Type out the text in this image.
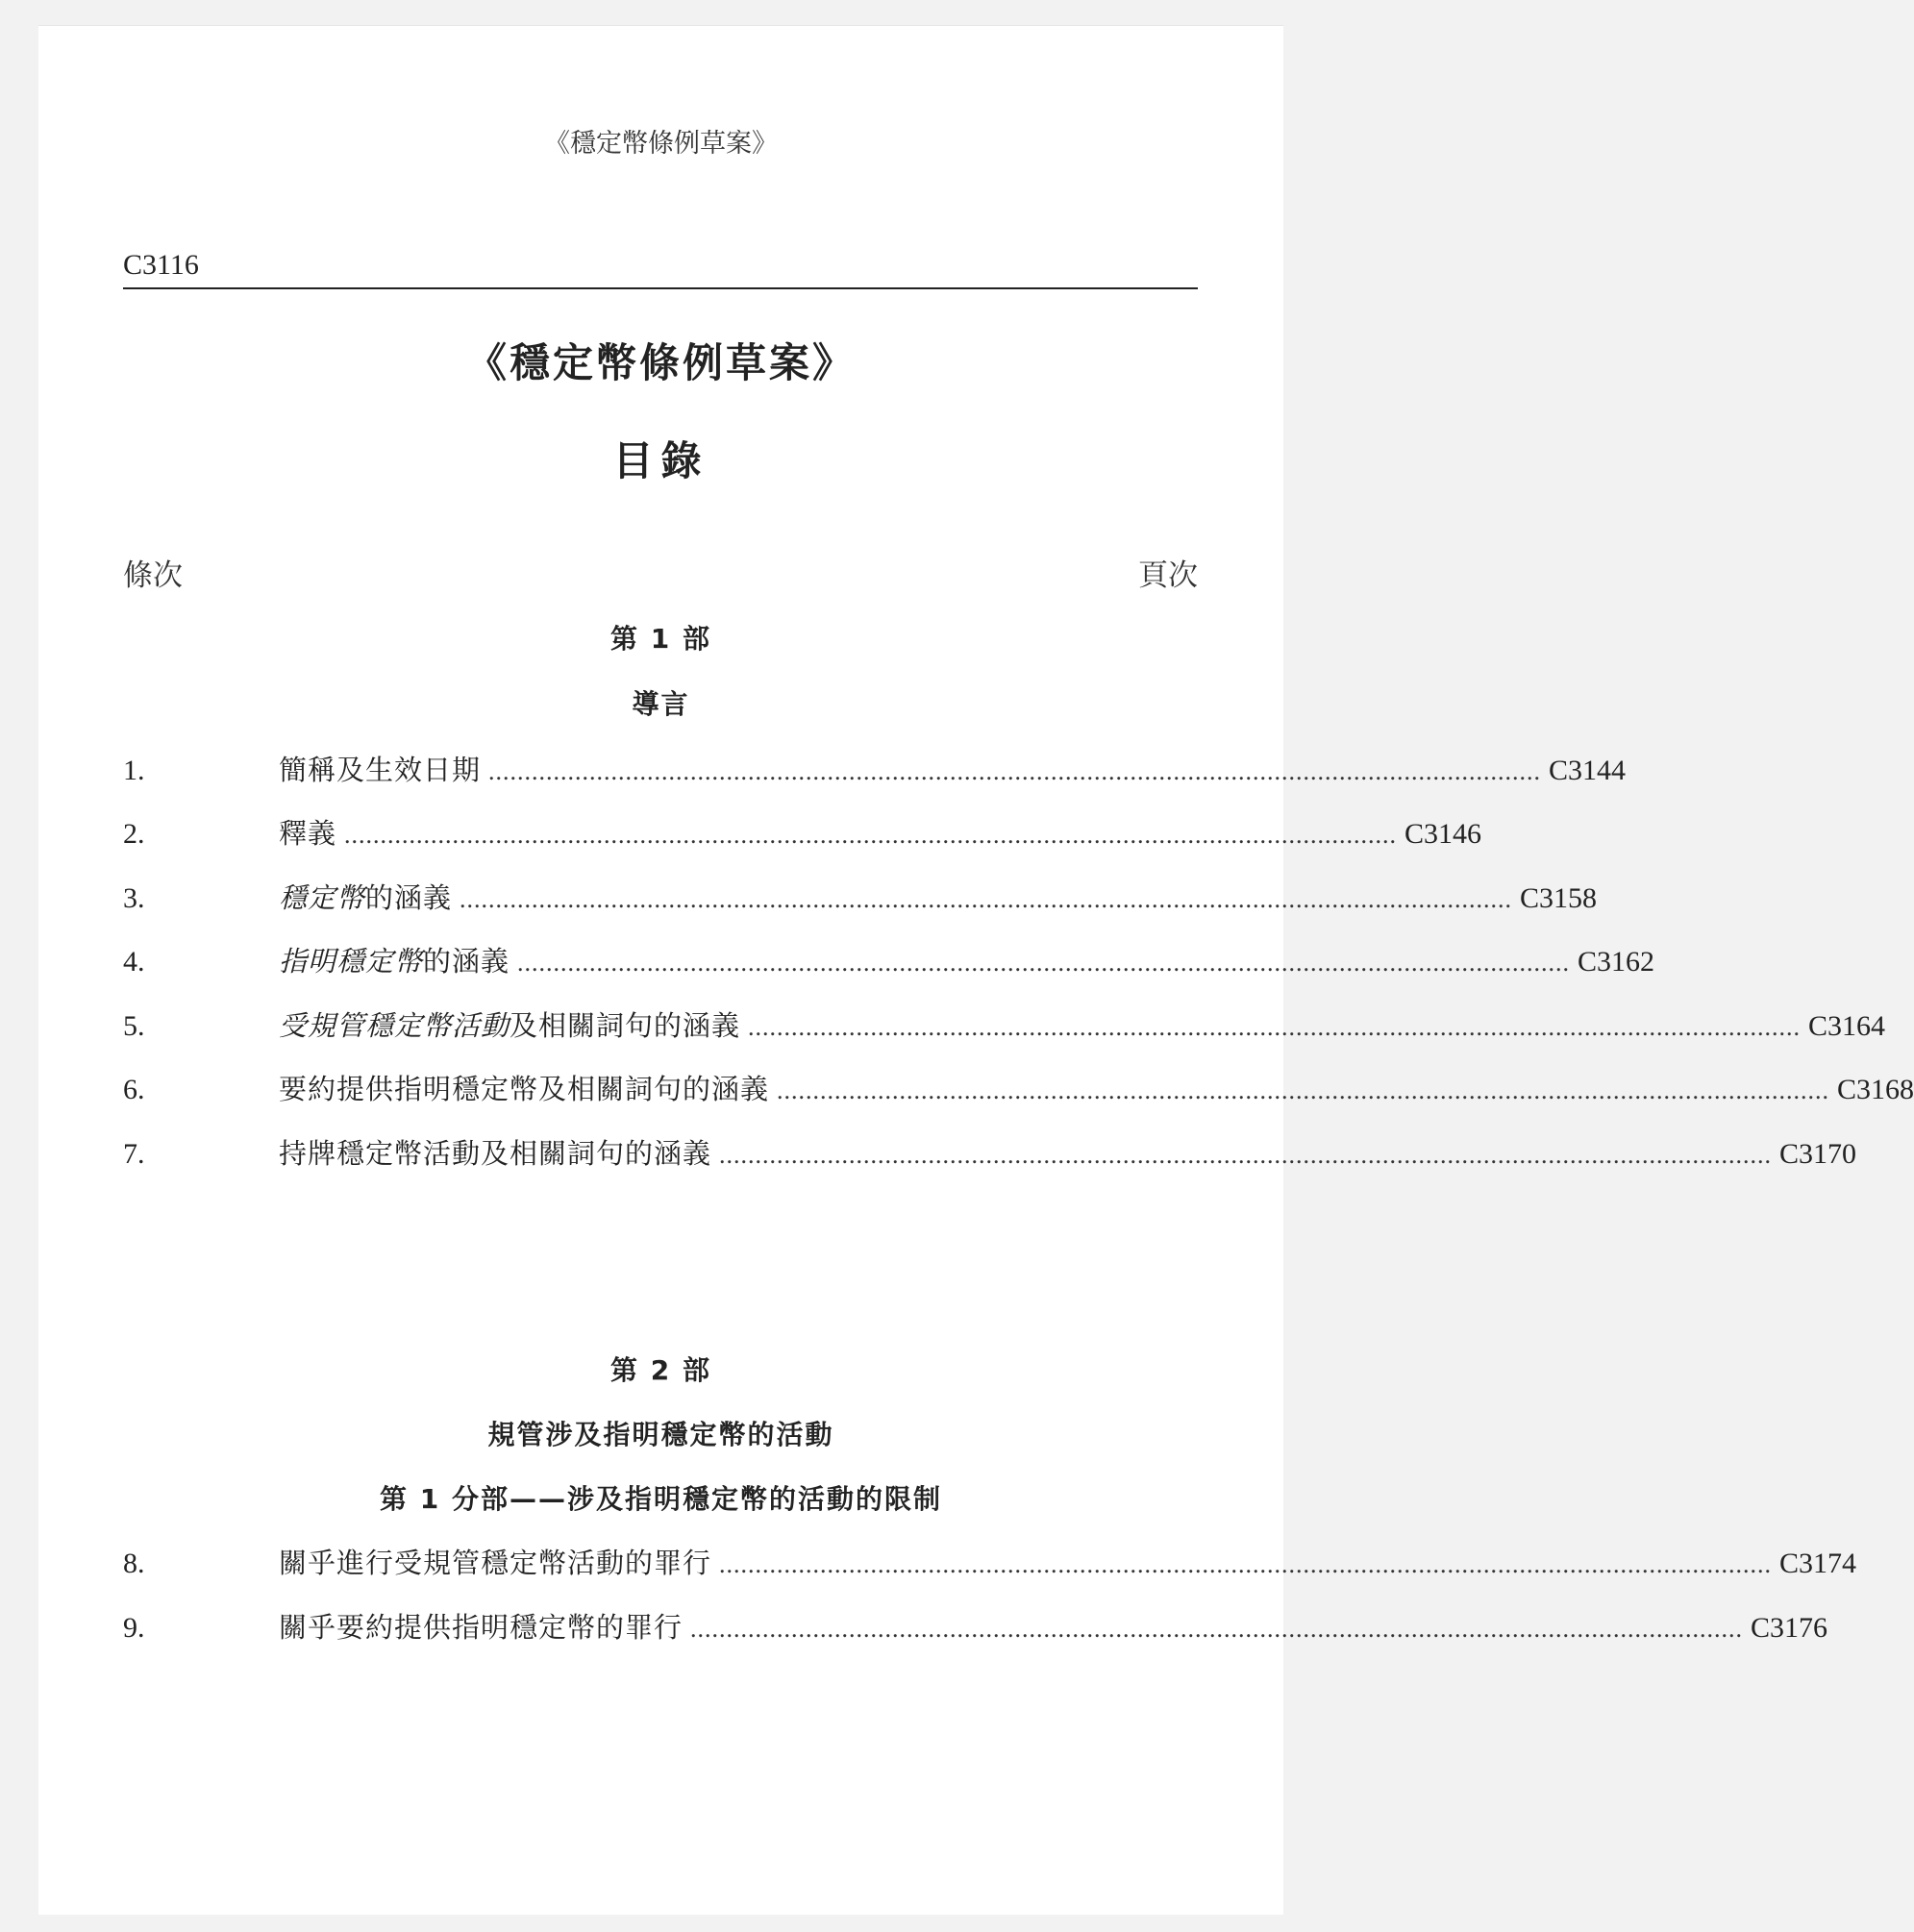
《穩定幣條例草案》
C3116
《穩定幣條例草案》
目錄
條次	頁次
第 1 部
導言
1.	簡稱及生效日期 .................................................................................................................................................. C3144
2.	釋義 .................................................................................................................................................. C3146
3.	穩定幣的涵義 .................................................................................................................................................. C3158
4.	指明穩定幣的涵義 .................................................................................................................................................. C3162
5.	受規管穩定幣活動及相關詞句的涵義 .................................................................................................................................................. C3164
6.	要約提供指明穩定幣及相關詞句的涵義 .................................................................................................................................................. C3168
7.	持牌穩定幣活動及相關詞句的涵義 .................................................................................................................................................. C3170
第 2 部
規管涉及指明穩定幣的活動
第 1 分部——涉及指明穩定幣的活動的限制
8.	關乎進行受規管穩定幣活動的罪行 .................................................................................................................................................. C3174
9.	關乎要約提供指明穩定幣的罪行 .................................................................................................................................................. C3176
